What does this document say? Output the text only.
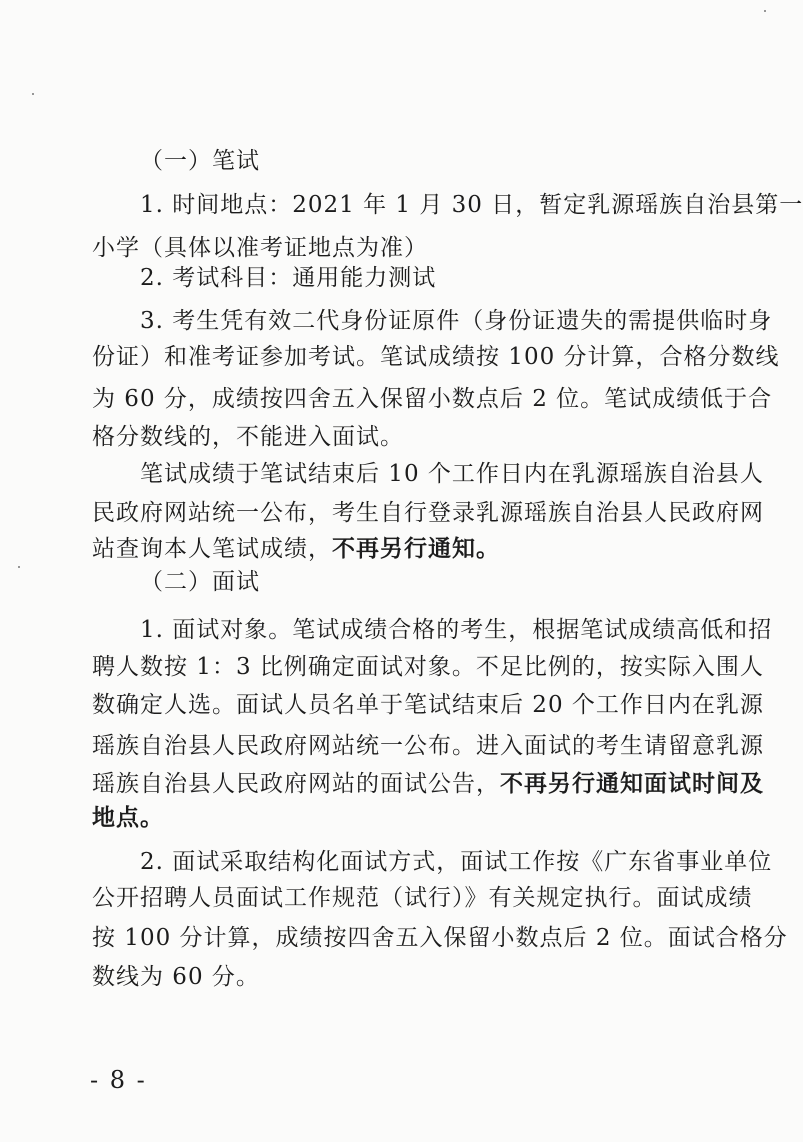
（一）笔试
1. 时间地点：2021 年 1 月 30 日，暂定乳源瑶族自治县第一
小学（具体以准考证地点为准）
2. 考试科目：通用能力测试
3. 考生凭有效二代身份证原件（身份证遗失的需提供临时身
份证）和准考证参加考试。笔试成绩按 100 分计算，合格分数线
为 60 分，成绩按四舍五入保留小数点后 2 位。笔试成绩低于合
格分数线的，不能进入面试。
笔试成绩于笔试结束后 10 个工作日内在乳源瑶族自治县人
民政府网站统一公布，考生自行登录乳源瑶族自治县人民政府网
站查询本人笔试成绩，不再另行通知。
（二）面试
1. 面试对象。笔试成绩合格的考生，根据笔试成绩高低和招
聘人数按 1：3 比例确定面试对象。不足比例的，按实际入围人
数确定人选。面试人员名单于笔试结束后 20 个工作日内在乳源
瑶族自治县人民政府网站统一公布。进入面试的考生请留意乳源
瑶族自治县人民政府网站的面试公告，不再另行通知面试时间及
地点。
2. 面试采取结构化面试方式，面试工作按《广东省事业单位
公开招聘人员面试工作规范（试行）》有关规定执行。面试成绩
按 100 分计算，成绩按四舍五入保留小数点后 2 位。面试合格分
数线为 60 分。
- 8 -
